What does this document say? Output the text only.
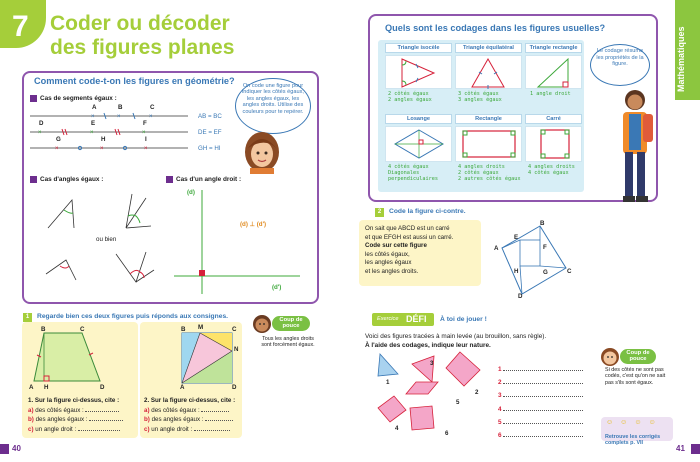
7 Coder ou décoder
des figures planes
Comment code-t-on les figures en géométrie?	On code une figure pour indiquer les côtés égaux, les angles égaux, les angles droits. Utilise des couleurs pour te repérer.
Cas de segments égaux :
A	B	C
×	×	×
×	×	×
×	×	×
D	E	F
G	H	I
AB = BC
DE = EF
GH = HI
Cas d'angles égaux :
ou bien
Cas d'un angle droit :
(d)
(d')
(d) ⊥ (d')
1	Regarde bien ces deux figures puis réponds aux consignes.
B	C
A H	D
B M	C
N
A	D
Coup de pouce
Tous les angles droits sont forcément égaux.
1. Sur la figure ci-dessus, cite :
a) des côtés égaux :
b) des angles égaux :
c) un angle droit :
2. Sur la figure ci-dessus, cite :
a) des côtés égaux :
b) des angles égaux :
c) un angle droit :
40
Mathématiques
Quels sont les codages dans les figures usuelles?
Triangle isocèle	Triangle équilatéral	Triangle rectangle
2 côtés égaux
2 angles égaux
3 côtés égaux
3 angles égaux
1 angle droit
Losange	Rectangle	Carré
4 côtés égaux
Diagonales
perpendiculaires
4 angles droits
2 côtés égaux
2 autres côtés égaux
4 angles droits
4 côtés égaux
Le codage résume les propriétés de la figure.
2	Code la figure ci-contre.
On sait que ABCD est un carré
et que EFGH est aussi un carré.
Code sur cette figure
les côtés égaux,
les angles égaux
et les angles droits.
B
A
E
F
H	G	C
D
Exercice DÉFI À toi de jouer !
Voici des figures tracées à main levée (au brouillon, sans règle).
À l'aide des codages, indique leur nature.
1
2
3
4
5
6
1
2
3
4
5
6
Coup de pouce
Si des côtés ne sont pas codés, c'est qu'on ne sait pas s'ils sont égaux.
☺☺☺☺
Retrouve les corrigés complets p. VII
41
